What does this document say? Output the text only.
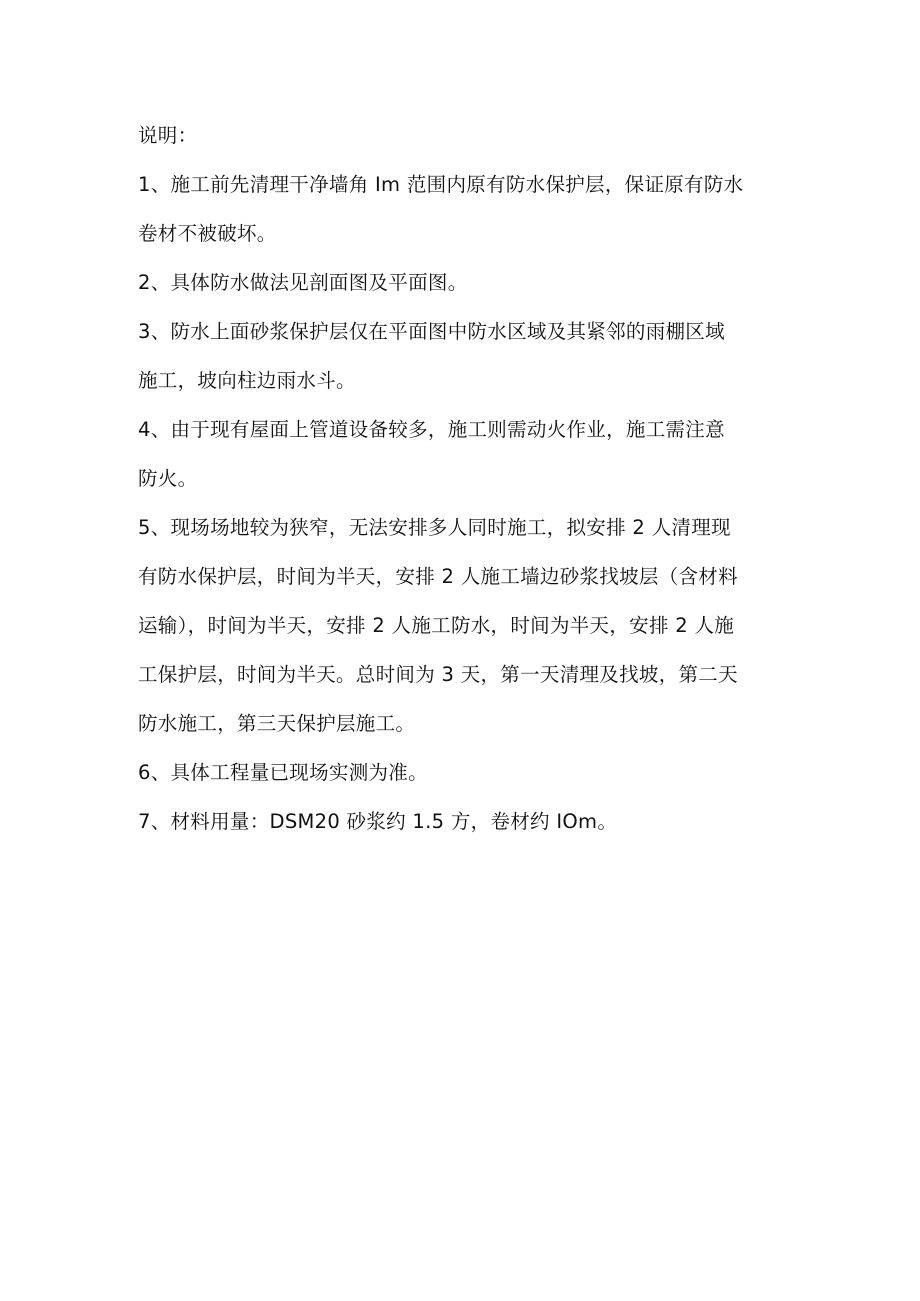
说明：
1、施工前先清理干净墙角 Im 范围内原有防水保护层，保证原有防水
卷材不被破坏。
2、具体防水做法见剖面图及平面图。
3、防水上面砂浆保护层仅在平面图中防水区域及其紧邻的雨棚区域
施工，坡向柱边雨水斗。
4、由于现有屋面上管道设备较多，施工则需动火作业，施工需注意
防火。
5、现场场地较为狭窄，无法安排多人同时施工，拟安排 2 人清理现
有防水保护层，时间为半天，安排 2 人施工墙边砂浆找坡层（含材料
运输），时间为半天，安排 2 人施工防水，时间为半天，安排 2 人施
工保护层，时间为半天。总时间为 3 天，第一天清理及找坡，第二天
防水施工，第三天保护层施工。
6、具体工程量已现场实测为准。
7、材料用量：DSM20 砂浆约 1.5 方，卷材约 IOm。
